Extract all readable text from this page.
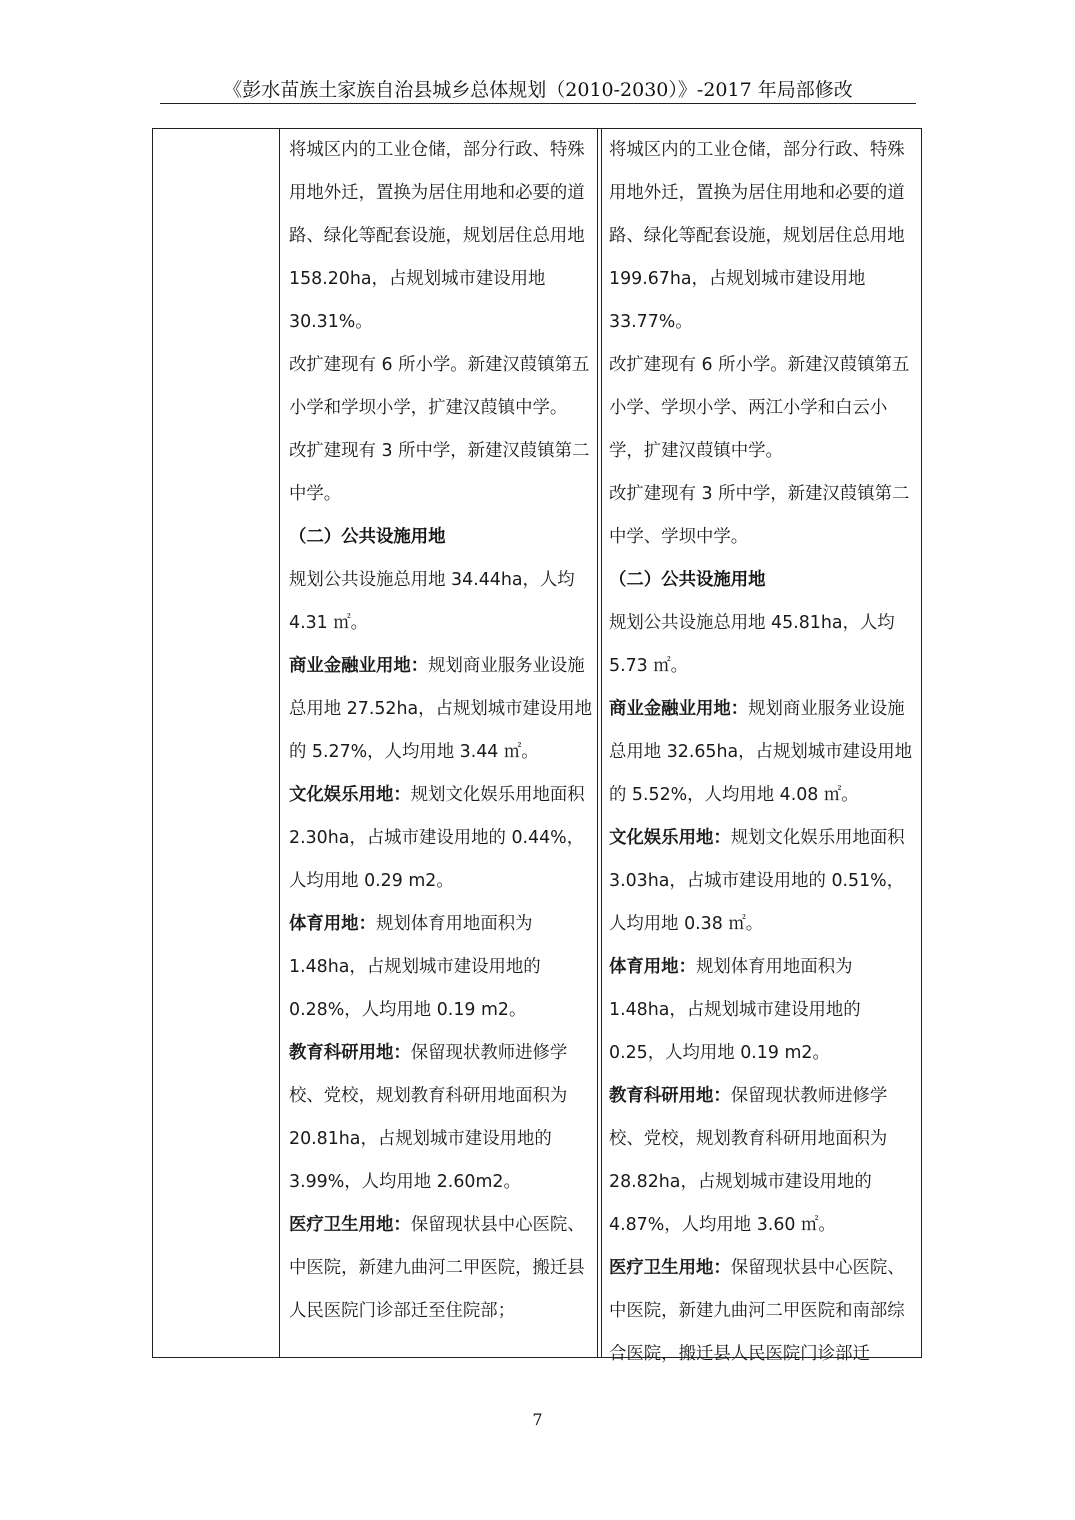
《彭水苗族土家族自治县城乡总体规划（2010-2030）》-2017 年局部修改

将城区内的工业仓储，部分行政、特殊用地外迁，置换为居住用地和必要的道路、绿化等配套设施，规划居住总用地 158.20ha，占规划城市建设用地 30.31%。

改扩建现有 6 所小学。新建汉葭镇第五小学和学坝小学，扩建汉葭镇中学。

改扩建现有 3 所中学，新建汉葭镇第二中学。

（二）公共设施用地

规划公共设施总用地 34.44ha，人均 4.31 ㎡。

商业金融业用地：规划商业服务业设施总用地 27.52ha，占规划城市建设用地的 5.27%，人均用地 3.44 ㎡。

文化娱乐用地：规划文化娱乐用地面积 2.30ha，占城市建设用地的 0.44%，人均用地 0.29 m2。

体育用地：规划体育用地面积为 1.48ha，占规划城市建设用地的 0.28%，人均用地 0.19 m2。

教育科研用地：保留现状教师进修学校、党校，规划教育科研用地面积为 20.81ha，占规划城市建设用地的 3.99%，人均用地 2.60m2。

医疗卫生用地：保留现状县中心医院、中医院，新建九曲河二甲医院，搬迁县人民医院门诊部迁至住院部；

将城区内的工业仓储，部分行政、特殊用地外迁，置换为居住用地和必要的道路、绿化等配套设施，规划居住总用地 199.67ha，占规划城市建设用地 33.77%。

改扩建现有 6 所小学。新建汉葭镇第五小学、学坝小学、两江小学和白云小学，扩建汉葭镇中学。

改扩建现有 3 所中学，新建汉葭镇第二中学、学坝中学。

（二）公共设施用地

规划公共设施总用地 45.81ha，人均 5.73 ㎡。

商业金融业用地：规划商业服务业设施总用地 32.65ha，占规划城市建设用地的 5.52%，人均用地 4.08 ㎡。

文化娱乐用地：规划文化娱乐用地面积 3.03ha，占城市建设用地的 0.51%，人均用地 0.38 ㎡。

体育用地：规划体育用地面积为 1.48ha，占规划城市建设用地的 0.25，人均用地 0.19 m2。

教育科研用地：保留现状教师进修学校、党校，规划教育科研用地面积为 28.82ha，占规划城市建设用地的 4.87%，人均用地 3.60 ㎡。

医疗卫生用地：保留现状县中心医院、中医院，新建九曲河二甲医院和南部综合医院，搬迁县人民医院门诊部迁

7
